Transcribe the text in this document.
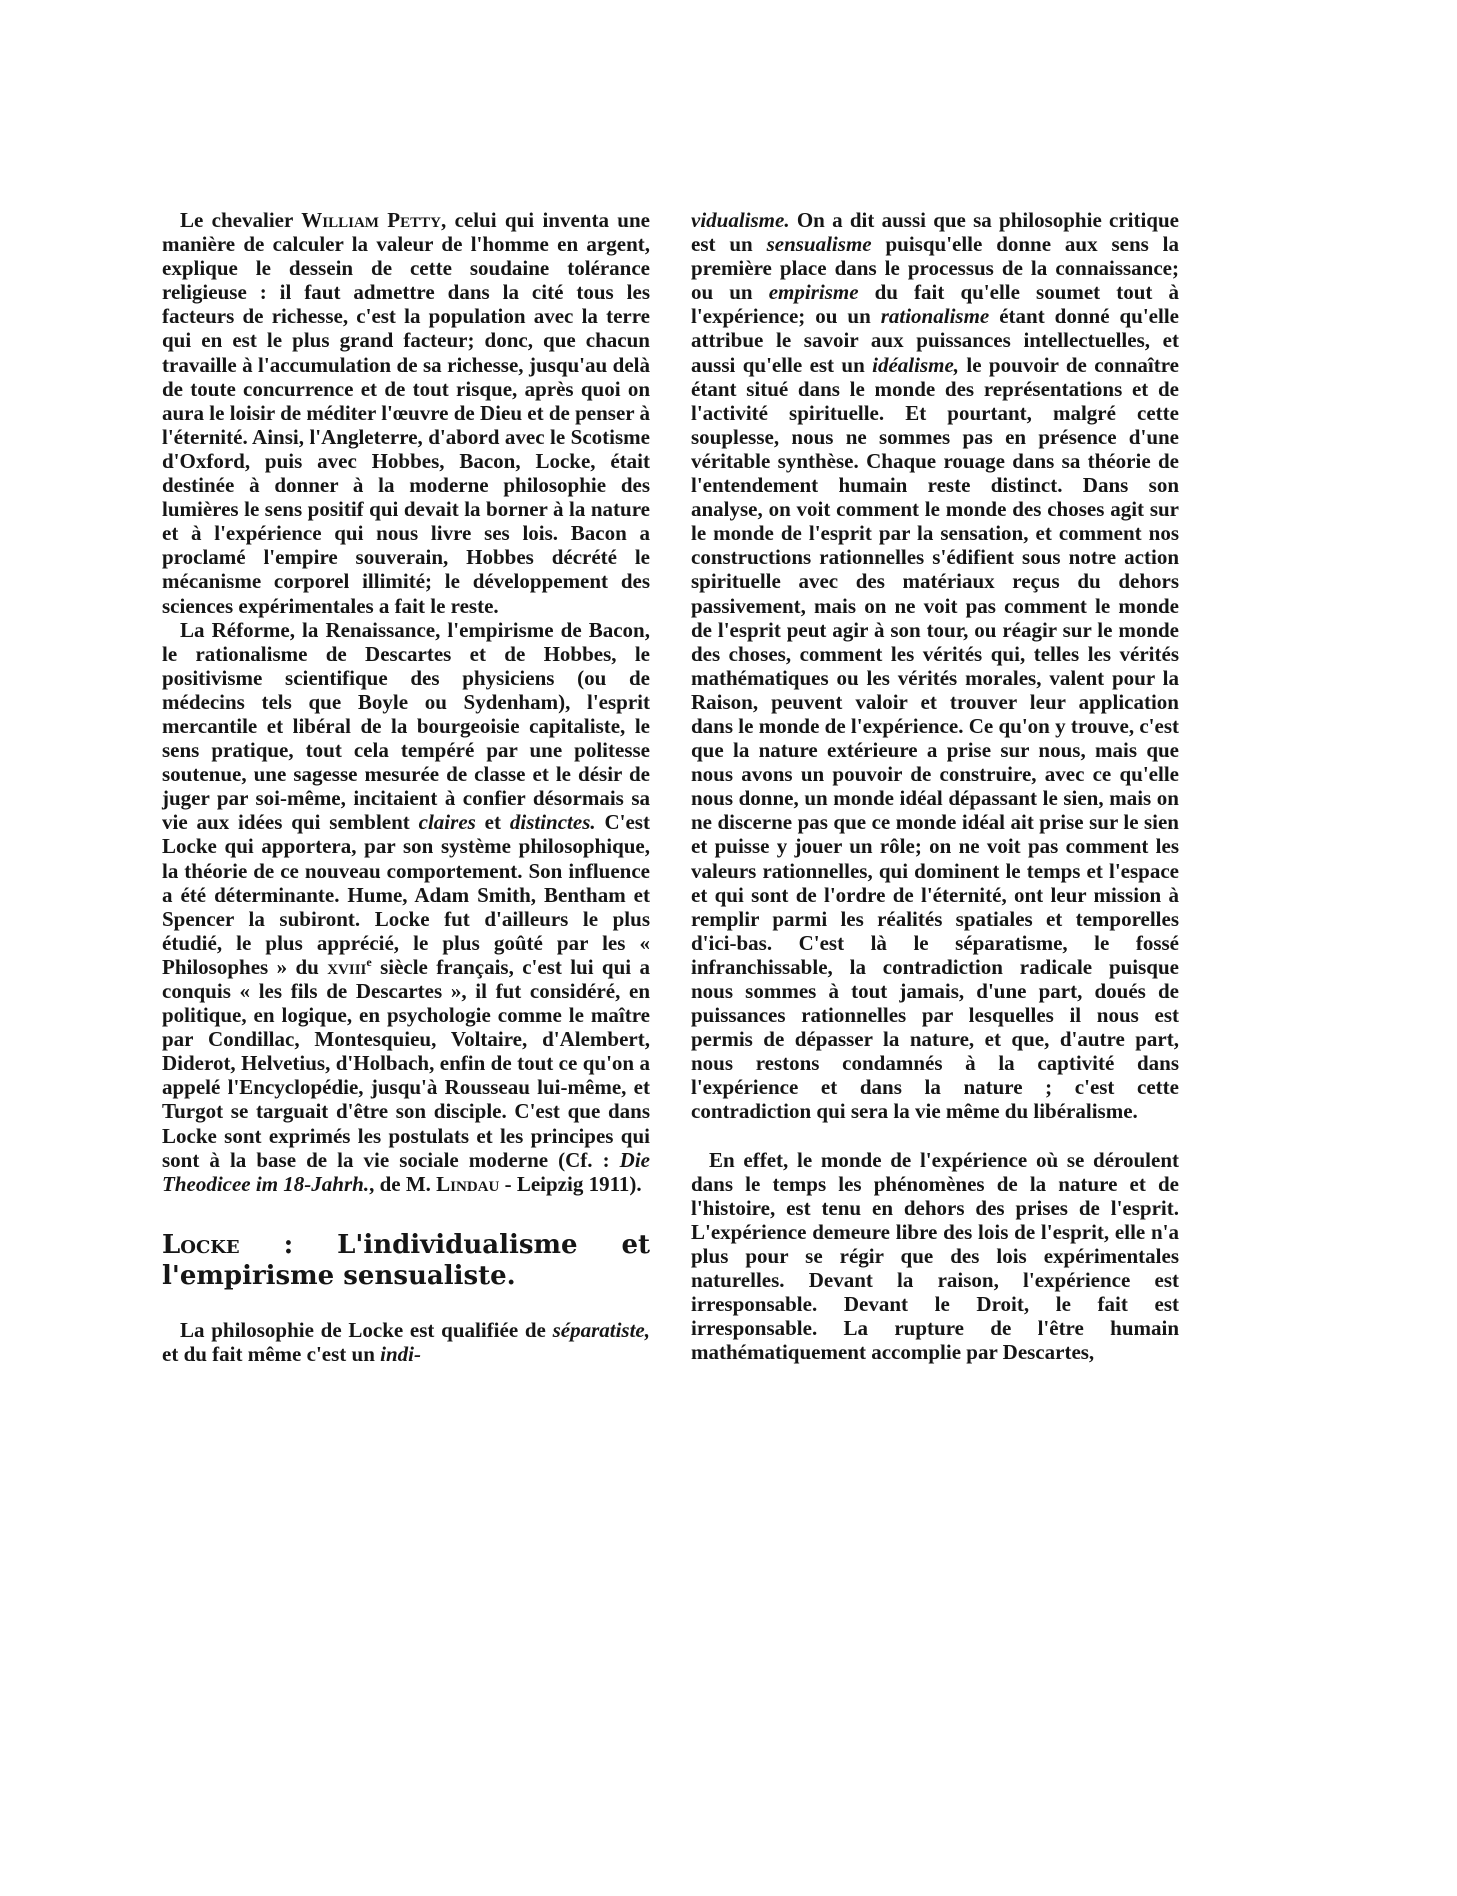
Le chevalier William Petty, celui qui inventa une manière de calculer la valeur de l'homme en argent, explique le dessein de cette soudaine tolérance religieuse : il faut admettre dans la cité tous les facteurs de richesse, c'est la population avec la terre qui en est le plus grand facteur; donc, que chacun travaille à l'accumulation de sa richesse, jusqu'au delà de toute concurrence et de tout risque, après quoi on aura le loisir de méditer l'œuvre de Dieu et de penser à l'éternité. Ainsi, l'Angleterre, d'abord avec le Scotisme d'Oxford, puis avec Hobbes, Bacon, Locke, était destinée à donner à la moderne philosophie des lumières le sens positif qui devait la borner à la nature et à l'expérience qui nous livre ses lois. Bacon a proclamé l'empire souverain, Hobbes décrété le mécanisme corporel illimité; le développement des sciences expérimentales a fait le reste.

La Réforme, la Renaissance, l'empirisme de Bacon, le rationalisme de Descartes et de Hobbes, le positivisme scientifique des physiciens (ou de médecins tels que Boyle ou Sydenham), l'esprit mercantile et libéral de la bourgeoisie capitaliste, le sens pratique, tout cela tempéré par une politesse soutenue, une sagesse mesurée de classe et le désir de juger par soi-même, incitaient à confier désormais sa vie aux idées qui semblent claires et distinctes. C'est Locke qui apportera, par son système philosophique, la théorie de ce nouveau comportement. Son influence a été déterminante. Hume, Adam Smith, Bentham et Spencer la subiront. Locke fut d'ailleurs le plus étudié, le plus apprécié, le plus goûté par les « Philosophes » du xviii$^e$ siècle français, c'est lui qui a conquis « les fils de Descartes », il fut considéré, en politique, en logique, en psychologie comme le maître par Condillac, Montesquieu, Voltaire, d'Alembert, Diderot, Helvetius, d'Holbach, enfin de tout ce qu'on a appelé l'Encyclopédie, jusqu'à Rousseau lui-même, et Turgot se targuait d'être son disciple. C'est que dans Locke sont exprimés les postulats et les principes qui sont à la base de la vie sociale moderne (Cf. : Die Theodicee im 18-Jahrh., de M. Lindau - Leipzig 1911).

Locke : L'individualisme et l'empirisme sensualiste.

La philosophie de Locke est qualifiée de séparatiste, et du fait même c'est un indi-

vidualisme. On a dit aussi que sa philosophie critique est un sensualisme puisqu'elle donne aux sens la première place dans le processus de la connaissance; ou un empirisme du fait qu'elle soumet tout à l'expérience; ou un rationalisme étant donné qu'elle attribue le savoir aux puissances intellectuelles, et aussi qu'elle est un idéalisme, le pouvoir de connaître étant situé dans le monde des représentations et de l'activité spirituelle. Et pourtant, malgré cette souplesse, nous ne sommes pas en présence d'une véritable synthèse. Chaque rouage dans sa théorie de l'entendement humain reste distinct. Dans son analyse, on voit comment le monde des choses agit sur le monde de l'esprit par la sensation, et comment nos constructions rationnelles s'édifient sous notre action spirituelle avec des matériaux reçus du dehors passivement, mais on ne voit pas comment le monde de l'esprit peut agir à son tour, ou réagir sur le monde des choses, comment les vérités qui, telles les vérités mathématiques ou les vérités morales, valent pour la Raison, peuvent valoir et trouver leur application dans le monde de l'expérience. Ce qu'on y trouve, c'est que la nature extérieure a prise sur nous, mais que nous avons un pouvoir de construire, avec ce qu'elle nous donne, un monde idéal dépassant le sien, mais on ne discerne pas que ce monde idéal ait prise sur le sien et puisse y jouer un rôle; on ne voit pas comment les valeurs rationnelles, qui dominent le temps et l'espace et qui sont de l'ordre de l'éternité, ont leur mission à remplir parmi les réalités spatiales et temporelles d'ici-bas. C'est là le séparatisme, le fossé infranchissable, la contradiction radicale puisque nous sommes à tout jamais, d'une part, doués de puissances rationnelles par lesquelles il nous est permis de dépasser la nature, et que, d'autre part, nous restons condamnés à la captivité dans l'expérience et dans la nature ; c'est cette contradiction qui sera la vie même du libéralisme.

En effet, le monde de l'expérience où se déroulent dans le temps les phénomènes de la nature et de l'histoire, est tenu en dehors des prises de l'esprit. L'expérience demeure libre des lois de l'esprit, elle n'a plus pour se régir que des lois expérimentales naturelles. Devant la raison, l'expérience est irresponsable. Devant le Droit, le fait est irresponsable. La rupture de l'être humain mathématiquement accomplie par Descartes,
